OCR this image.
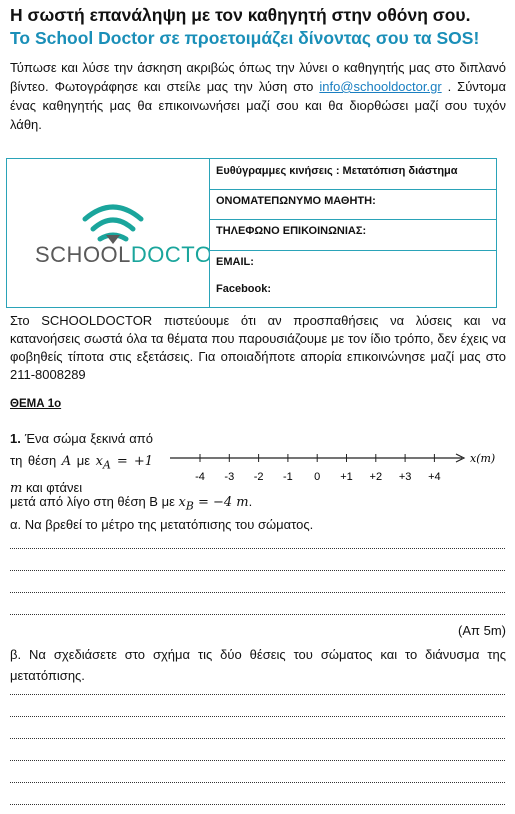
Η σωστή επανάληψη με τον καθηγητή στην οθόνη σου.
Το School Doctor σε προετοιμάζει δίνοντας σου τα SOS!
Τύπωσε και λύσε την άσκηση ακριβώς όπως την λύνει ο καθηγητής μας στο διπλανό βίντεο. Φωτογράφησε και στείλε μας την λύση στο info@schooldoctor.gr . Σύντομα ένας καθηγητής μας θα επικοινωνήσει μαζί σου και θα διορθώσει μαζί σου τυχόν λάθη.
SCHOOLDOCTO
Ευθύγραμμες κινήσεις : Μετατόπιση διάστημα
ΟΝΟΜΑΤΕΠΩΝΥΜΟ ΜΑΘΗΤΗ:
ΤΗΛΕΦΩΝΟ ΕΠΙΚΟΙΝΩΝΙΑΣ:
EMAIL:
Facebook:
Στο SCHOOLDOCTOR πιστεύουμε ότι αν προσπαθήσεις να λύσεις και να κατανοήσεις σωστά όλα τα θέματα που παρουσιάζουμε με τον ίδιο τρόπο, δεν έχεις να φοβηθείς τίποτα στις εξετάσεις. Για οποιαδήποτε απορία επικοινώνησε μαζί μας στο 211-8008289
ΘΕΜΑ 1ο
1. Ένα σώμα ξεκινά από τη θέση A με $x_A = +1$ m και φτάνει
μετά από λίγο στη θέση Β με $x_B = -4$ m.
x(m)
-4 -3 -2 -1 0 +1 +2 +3 +4
α. Να βρεθεί το μέτρο της μετατόπισης του σώματος.
(Απ 5m)
β. Να σχεδιάσετε στο σχήμα τις δύο θέσεις του σώματος και το διάνυσμα της μετατόπισης.
